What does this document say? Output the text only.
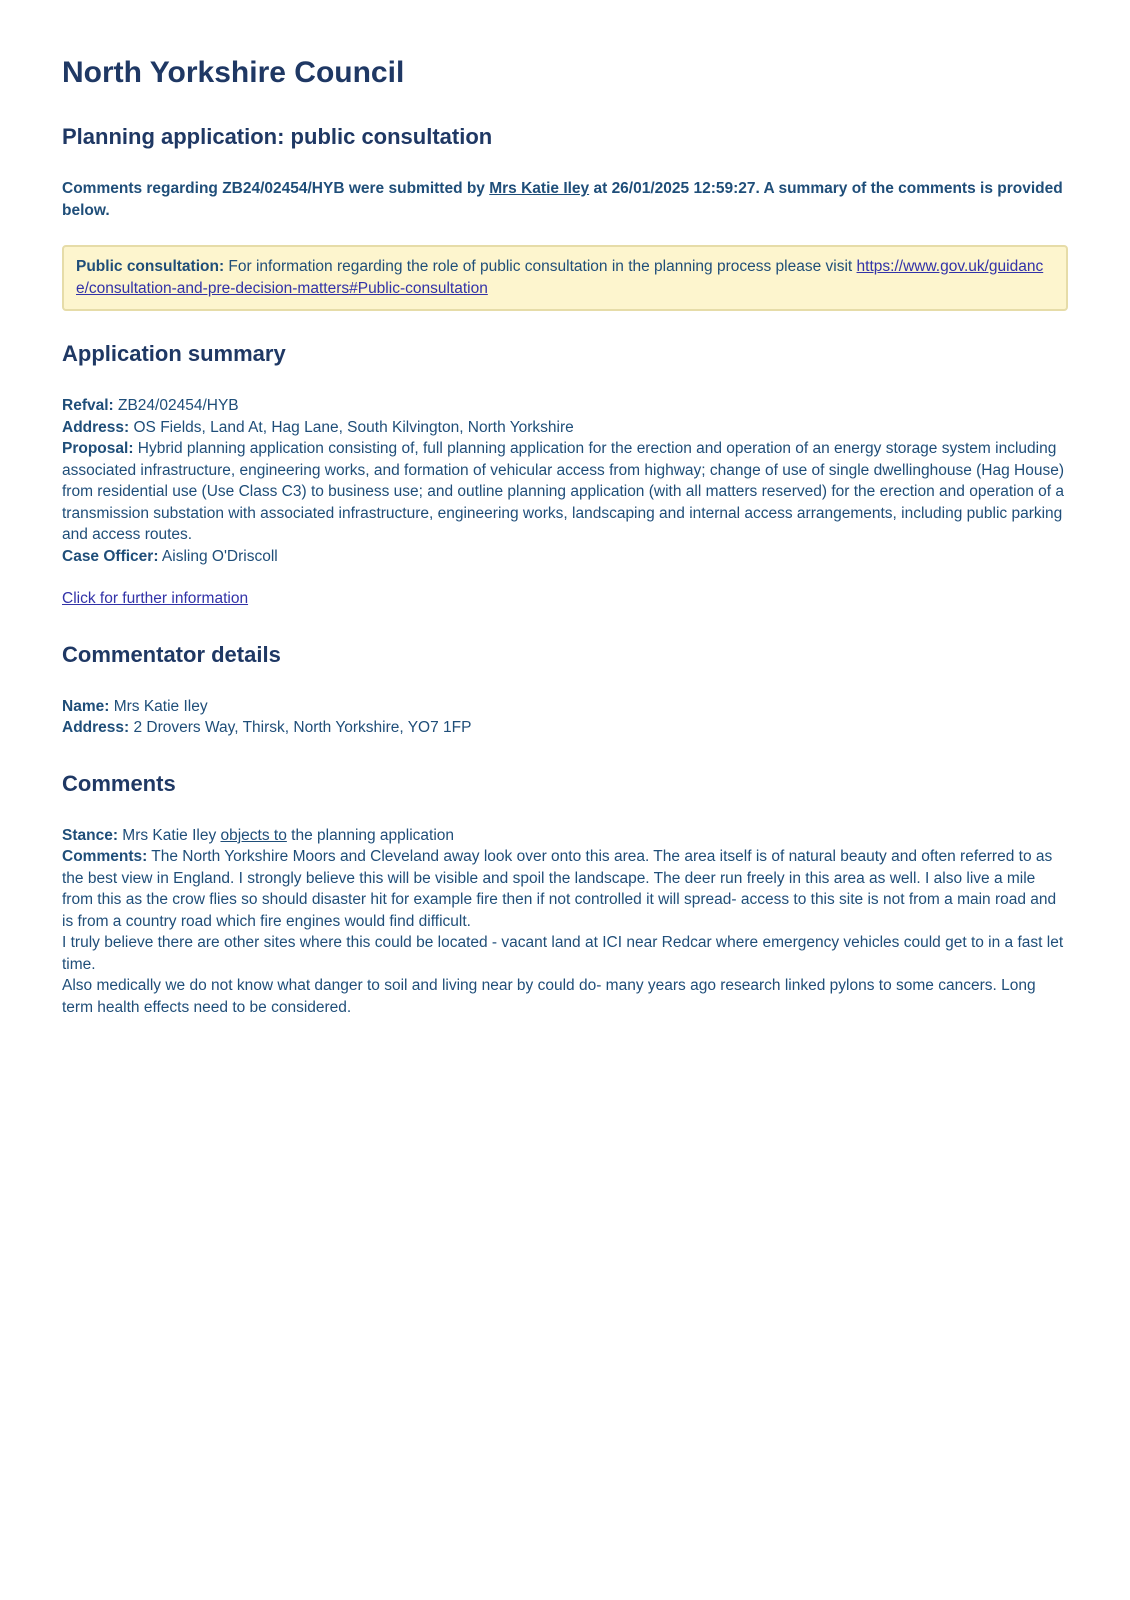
North Yorkshire Council
Planning application: public consultation

Comments regarding ZB24/02454/HYB were submitted by Mrs Katie Iley at 26/01/2025 12:59:27. A summary of the comments is provided below.

Public consultation: For information regarding the role of public consultation in the planning process please visit https://www.gov.uk/guidance/consultation-and-pre-decision-matters#Public-consultation
Application summary

Refval: ZB24/02454/HYB

Address: OS Fields, Land At, Hag Lane, South Kilvington, North Yorkshire

Proposal: Hybrid planning application consisting of, full planning application for the erection and operation of an energy storage system including associated infrastructure, engineering works, and formation of vehicular access from highway; change of use of single dwellinghouse (Hag House) from residential use (Use Class C3) to business use; and outline planning application (with all matters reserved) for the erection and operation of a transmission substation with associated infrastructure, engineering works, landscaping and internal access arrangements, including public parking and access routes.

Case Officer: Aisling O'Driscoll

Click for further information

Commentator details

Name: Mrs Katie Iley

Address: 2 Drovers Way, Thirsk, North Yorkshire, YO7 1FP

Comments

Stance: Mrs Katie Iley objects to the planning application

Comments: The North Yorkshire Moors and Cleveland away look over onto this area. The area itself is of natural beauty and often referred to as the best view in England. I strongly believe this will be visible and spoil the landscape. The deer run freely in this area as well. I also live a mile from this as the crow flies so should disaster hit for example fire then if not controlled it will spread- access to this site is not from a main road and is from a country road which fire engines would find difficult.

I truly believe there are other sites where this could be located - vacant land at ICI near Redcar where emergency vehicles could get to in a fast let time.

Also medically we do not know what danger to soil and living near by could do- many years ago research linked pylons to some cancers. Long term health effects need to be considered.
